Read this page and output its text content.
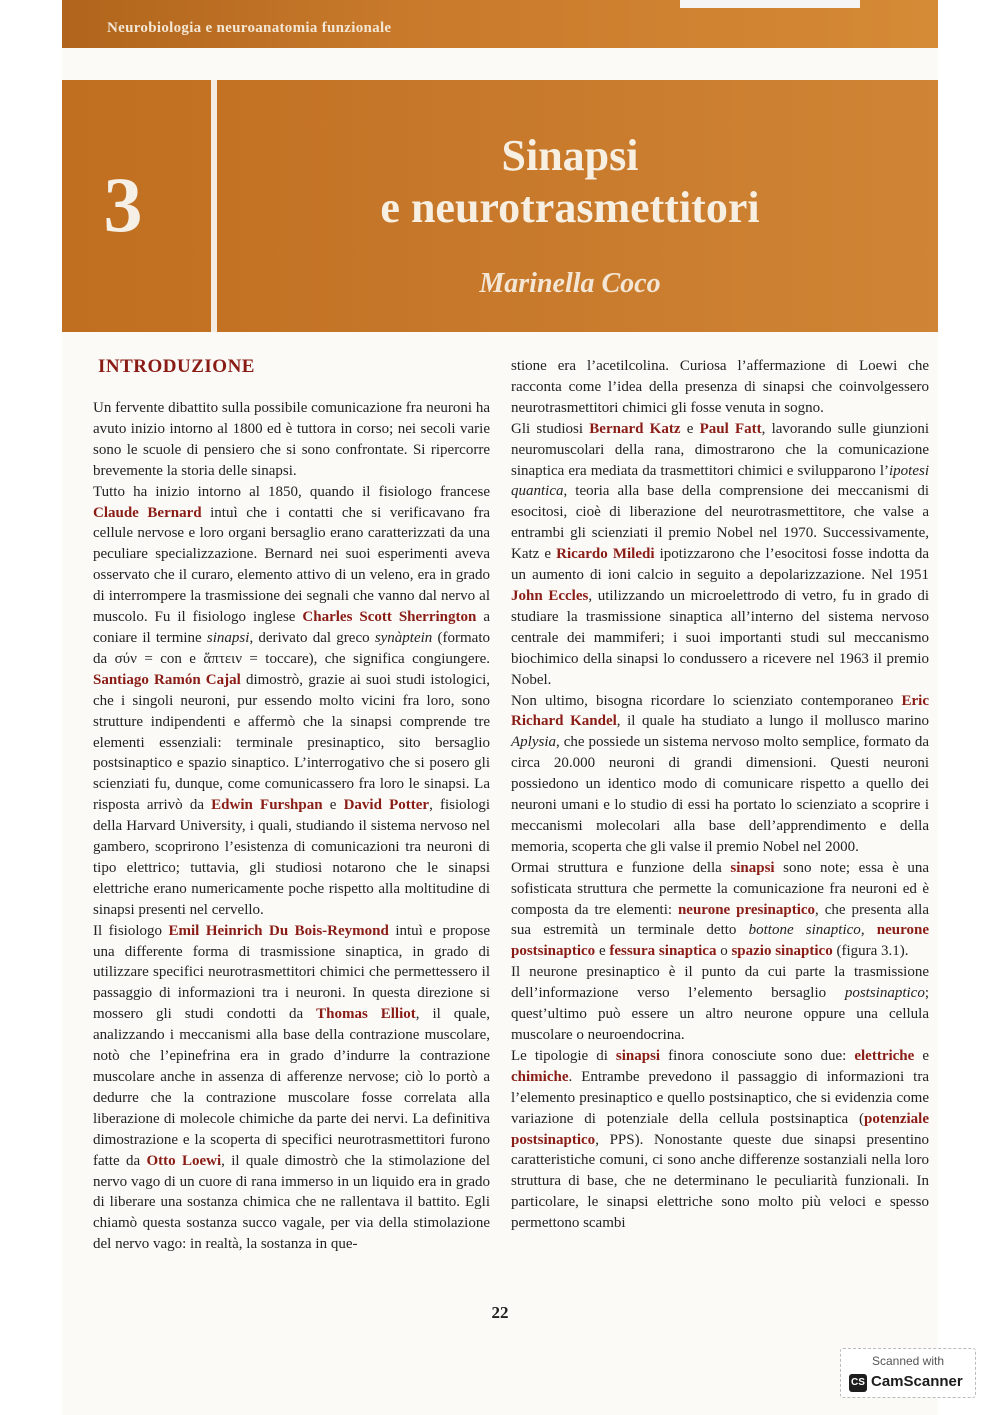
Neurobiologia e neuroanatomia funzionale
3
Sinapsi
e neurotrasmettitori
Marinella Coco
INTRODUZIONE

Un fervente dibattito sulla possibile comunicazione fra neuroni ha avuto inizio intorno al 1800 ed è tuttora in corso; nei secoli varie sono le scuole di pensiero che si sono confrontate. Si ripercorre brevemente la storia delle sinapsi.

Tutto ha inizio intorno al 1850, quando il fisiologo francese Claude Bernard intuì che i contatti che si verificavano fra cellule nervose e loro organi bersaglio erano caratterizzati da una peculiare specializzazione. Bernard nei suoi esperimenti aveva osservato che il curaro, elemento attivo di un veleno, era in grado di interrompere la trasmissione dei segnali che vanno dal nervo al muscolo. Fu il fisiologo inglese Charles Scott Sherrington a coniare il termine sinapsi, derivato dal greco synàptein (formato da σύν = con e ἅπτειν = toccare), che significa congiungere. Santiago Ramón Cajal dimostrò, grazie ai suoi studi istologici, che i singoli neuroni, pur essendo molto vicini fra loro, sono strutture indipendenti e affermò che la sinapsi comprende tre elementi essenziali: terminale presinaptico, sito bersaglio postsinaptico e spazio sinaptico. L’interrogativo che si posero gli scienziati fu, dunque, come comunicassero fra loro le sinapsi. La risposta arrivò da Edwin Furshpan e David Potter, fisiologi della Harvard University, i quali, studiando il sistema nervoso nel gambero, scoprirono l’esistenza di comunicazioni tra neuroni di tipo elettrico; tuttavia, gli studiosi notarono che le sinapsi elettriche erano numericamente poche rispetto alla moltitudine di sinapsi presenti nel cervello.

Il fisiologo Emil Heinrich Du Bois-Reymond intuì e propose una differente forma di trasmissione sinaptica, in grado di utilizzare specifici neurotrasmettitori chimici che permettessero il passaggio di informazioni tra i neuroni. In questa direzione si mossero gli studi condotti da Thomas Elliot, il quale, analizzando i meccanismi alla base della contrazione muscolare, notò che l’epinefrina era in grado d’indurre la contrazione muscolare anche in assenza di afferenze nervose; ciò lo portò a dedurre che la contrazione muscolare fosse correlata alla liberazione di molecole chimiche da parte dei nervi. La definitiva dimostrazione e la scoperta di specifici neurotrasmettitori furono fatte da Otto Loewi, il quale dimostrò che la stimolazione del nervo vago di un cuore di rana immerso in un liquido era in grado di liberare una sostanza chimica che ne rallentava il battito. Egli chiamò questa sostanza succo vagale, per via della stimolazione del nervo vago: in realtà, la sostanza in que-

stione era l’acetilcolina. Curiosa l’affermazione di Loewi che racconta come l’idea della presenza di sinapsi che coinvolgessero neurotrasmettitori chimici gli fosse venuta in sogno.

Gli studiosi Bernard Katz e Paul Fatt, lavorando sulle giunzioni neuromuscolari della rana, dimostrarono che la comunicazione sinaptica era mediata da trasmettitori chimici e svilupparono l’ipotesi quantica, teoria alla base della comprensione dei meccanismi di esocitosi, cioè di liberazione del neurotrasmettitore, che valse a entrambi gli scienziati il premio Nobel nel 1970. Successivamente, Katz e Ricardo Miledi ipotizzarono che l’esocitosi fosse indotta da un aumento di ioni calcio in seguito a depolarizzazione. Nel 1951 John Eccles, utilizzando un microelettrodo di vetro, fu in grado di studiare la trasmissione sinaptica all’interno del sistema nervoso centrale dei mammiferi; i suoi importanti studi sul meccanismo biochimico della sinapsi lo condussero a ricevere nel 1963 il premio Nobel.

Non ultimo, bisogna ricordare lo scienziato contemporaneo Eric Richard Kandel, il quale ha studiato a lungo il mollusco marino Aplysia, che possiede un sistema nervoso molto semplice, formato da circa 20.000 neuroni di grandi dimensioni. Questi neuroni possiedono un identico modo di comunicare rispetto a quello dei neuroni umani e lo studio di essi ha portato lo scienziato a scoprire i meccanismi molecolari alla base dell’apprendimento e della memoria, scoperta che gli valse il premio Nobel nel 2000.

Ormai struttura e funzione della sinapsi sono note; essa è una sofisticata struttura che permette la comunicazione fra neuroni ed è composta da tre elementi: neurone presinaptico, che presenta alla sua estremità un terminale detto bottone sinaptico, neurone postsinaptico e fessura sinaptica o spazio sinaptico (figura 3.1).

Il neurone presinaptico è il punto da cui parte la trasmissione dell’informazione verso l’elemento bersaglio postsinaptico; quest’ultimo può essere un altro neurone oppure una cellula muscolare o neuroendocrina.

Le tipologie di sinapsi finora conosciute sono due: elettriche e chimiche. Entrambe prevedono il passaggio di informazioni tra l’elemento presinaptico e quello postsinaptico, che si evidenzia come variazione di potenziale della cellula postsinaptica (potenziale postsinaptico, PPS). Nonostante queste due sinapsi presentino caratteristiche comuni, ci sono anche differenze sostanziali nella loro struttura di base, che ne determinano le peculiarità funzionali. In particolare, le sinapsi elettriche sono molto più veloci e spesso permettono scambi

22
Scanned with
CS CamScanner
